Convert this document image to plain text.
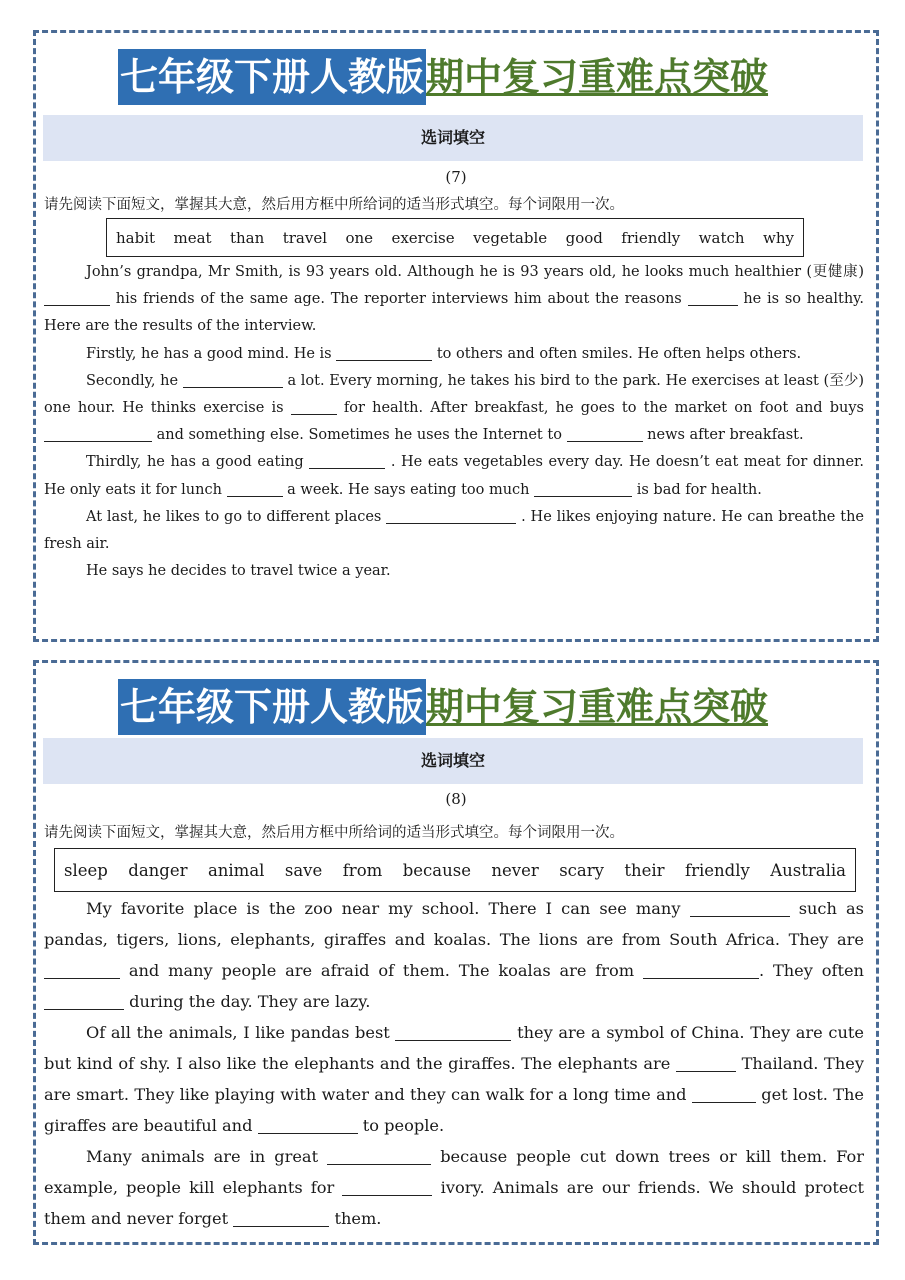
七年级下册人教版 期中复习重难点突破
选词填空
(7)
请先阅读下面短文，掌握其大意，然后用方框中所给词的适当形式填空。每个词限用一次。
habit meat than travel one exercise vegetable good friendly watch why

John’s grandpa, Mr Smith, is 93 years old. Although he is 93 years old, he looks much healthier (更健康)  his friends of the same age. The reporter interviews him about the reasons	he is so healthy. Here are the results of the interview.

Firstly, he has a good mind. He is	to others and often smiles. He often helps others.

Secondly, he	a lot. Every morning, he takes his bird to the park. He exercises at least (至少) one hour. He thinks exercise is	for health. After breakfast, he goes to the market on foot and buys  and something else. Sometimes he uses the Internet to	news after breakfast.

Thirdly, he has a good eating	. He eats vegetables every day. He doesn’t eat meat for dinner. He only eats it for lunch	a week. He says eating too much	is bad for health.

At last, he likes to go to different places	. He likes enjoying nature. He can breathe the fresh air.

He says he decides to travel twice a year.

七年级下册人教版 期中复习重难点突破
选词填空
(8)
请先阅读下面短文，掌握其大意，然后用方框中所给词的适当形式填空。每个词限用一次。
sleep danger animal save from because never scary their friendly Australia

My favorite place is the zoo near my school. There I can see many	such as pandas, tigers, lions, elephants, giraffes and koalas. The lions are from South Africa. They are  and many people are afraid of them. The koalas are from	. They often  during the day. They are lazy.

Of all the animals, I like pandas best	they are a symbol of China. They are cute but kind of shy. I also like the elephants and the giraffes. The elephants are	Thailand. They are smart. They like playing with water and they can walk for a long time and	get lost. The giraffes are beautiful and	to people.

Many animals are in great	because people cut down trees or kill them. For example, people kill elephants for	ivory. Animals are our friends. We should protect them and never forget	them.
